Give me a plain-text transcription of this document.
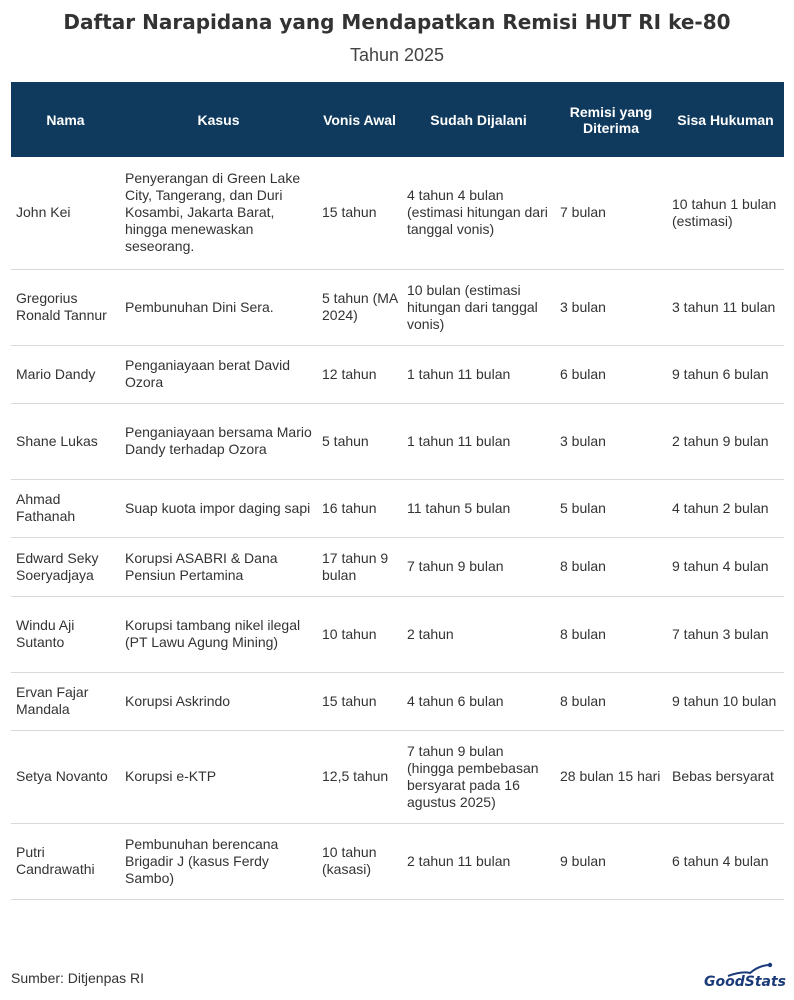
Daftar Narapidana yang Mendapatkan Remisi HUT RI ke-80
Tahun 2025
Nama	Kasus	Vonis Awal	Sudah Dijalani	Remisi yang Diterima	Sisa Hukuman
John Kei	Penyerangan di Green Lake City, Tangerang, dan Duri Kosambi, Jakarta Barat, hingga menewaskan seseorang.	15 tahun	4 tahun 4 bulan (estimasi hitungan dari tanggal vonis)	7 bulan	10 tahun 1 bulan (estimasi)
Gregorius Ronald Tannur	Pembunuhan Dini Sera.	5 tahun (MA 2024)	10 bulan (estimasi hitungan dari tanggal vonis)	3 bulan	3 tahun 11 bulan
Mario Dandy	Penganiayaan berat David Ozora	12 tahun	1 tahun 11 bulan	6 bulan	9 tahun 6 bulan
Shane Lukas	Penganiayaan bersama Mario Dandy terhadap Ozora	5 tahun	1 tahun 11 bulan	3 bulan	2 tahun 9 bulan
Ahmad Fathanah	Suap kuota impor daging sapi	16 tahun	11 tahun 5 bulan	5 bulan	4 tahun 2 bulan
Edward Seky Soeryadjaya	Korupsi ASABRI & Dana Pensiun Pertamina	17 tahun 9 bulan	7 tahun 9 bulan	8 bulan	9 tahun 4 bulan
Windu Aji Sutanto	Korupsi tambang nikel ilegal (PT Lawu Agung Mining)	10 tahun	2 tahun	8 bulan	7 tahun 3 bulan
Ervan Fajar Mandala	Korupsi Askrindo	15 tahun	4 tahun 6 bulan	8 bulan	9 tahun 10 bulan
Setya Novanto	Korupsi e-KTP	12,5 tahun	7 tahun 9 bulan (hingga pembebasan bersyarat pada 16 agustus 2025)	28 bulan 15 hari	Bebas bersyarat
Putri Candrawathi	Pembunuhan berencana Brigadir J (kasus Ferdy Sambo)	10 tahun (kasasi)	2 tahun 11 bulan	9 bulan	6 tahun 4 bulan
Sumber: Ditjenpas RI	GoodStats
